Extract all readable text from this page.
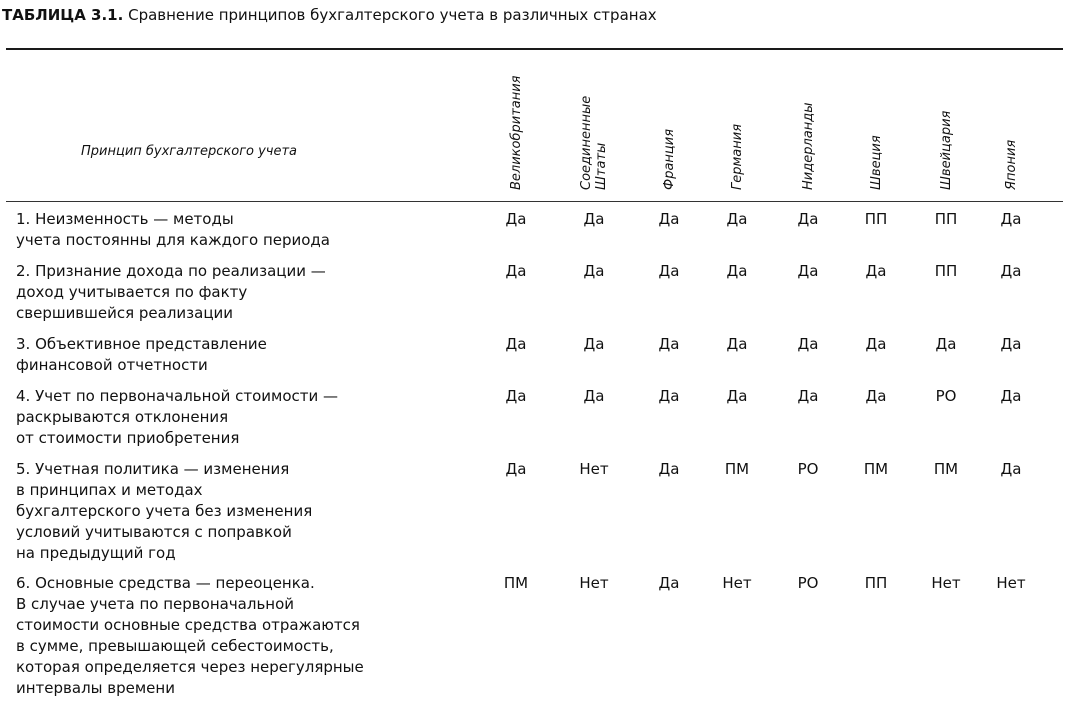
ТАБЛИЦА 3.1. Сравнение принципов бухгалтерского учета в различных странах
Принцип бухгалтерского учета	Великобритания	Соединенные Штаты	Франция	Германия	Нидерланды	Швеция	Швейцария	Япония
1. Неизменность — методы
учета постоянны для каждого периода
Да	Да	Да	Да	Да	ПП	ПП	Да
2. Признание дохода по реализации —
доход учитывается по факту
свершившейся реализации
Да	Да	Да	Да	Да	Да	ПП	Да
3. Объективное представление
финансовой отчетности
Да	Да	Да	Да	Да	Да	Да	Да
4. Учет по первоначальной стоимости —
раскрываются отклонения
от стоимости приобретения
Да	Да	Да	Да	Да	Да	РО	Да
5. Учетная политика — изменения
в принципах и методах
бухгалтерского учета без изменения
условий учитываются с поправкой
на предыдущий год
Да	Нет	Да	ПМ	РО	ПМ	ПМ	Да
6. Основные средства — переоценка.
В случае учета по первоначальной
стоимости основные средства отражаются
в сумме, превышающей себестоимость,
которая определяется через нерегулярные
интервалы времени
ПМ	Нет	Да	Нет	РО	ПП	Нет	Нет
